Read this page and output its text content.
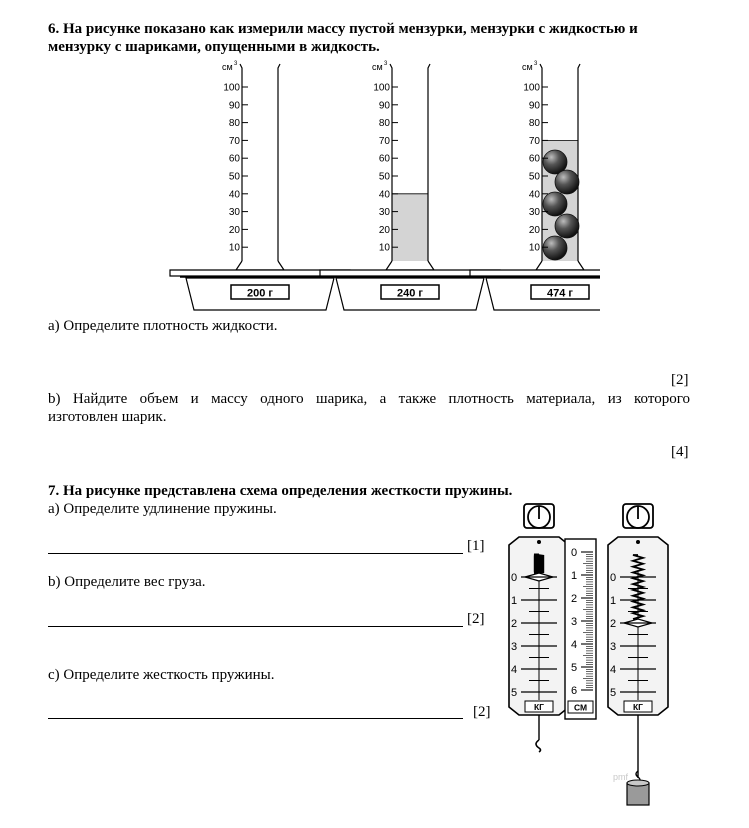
6. На рисунке показано как измерили массу пустой мензурки, мензурки с жидкостью и
мензурку с шариками, опущенными в жидкость.
см 3
100
90
80
70
60
50
40
30
20
10
200 г
см 3
100
90
80
70
60
50
40
30
20
10
240 г
см 3
100
90
80
70
60
50
40
30
20
10
474 г
а) Определите плотность жидкости.
[2]
b) Найдите объем и массу одного шарика, а также плотность материала, из которого
изготовлен шарик.
[4]
7. На рисунке представлена схема определения жесткости пружины.
а) Определите удлинение пружины.
[1]
b) Определите вес груза.
[2]
c) Определите жесткость пружины.
[2]
0
1
2
3
4
5
КГ
0
1
2
3
4
5
КГ
0
1
2
3
4
5
6
СМ
pmf
